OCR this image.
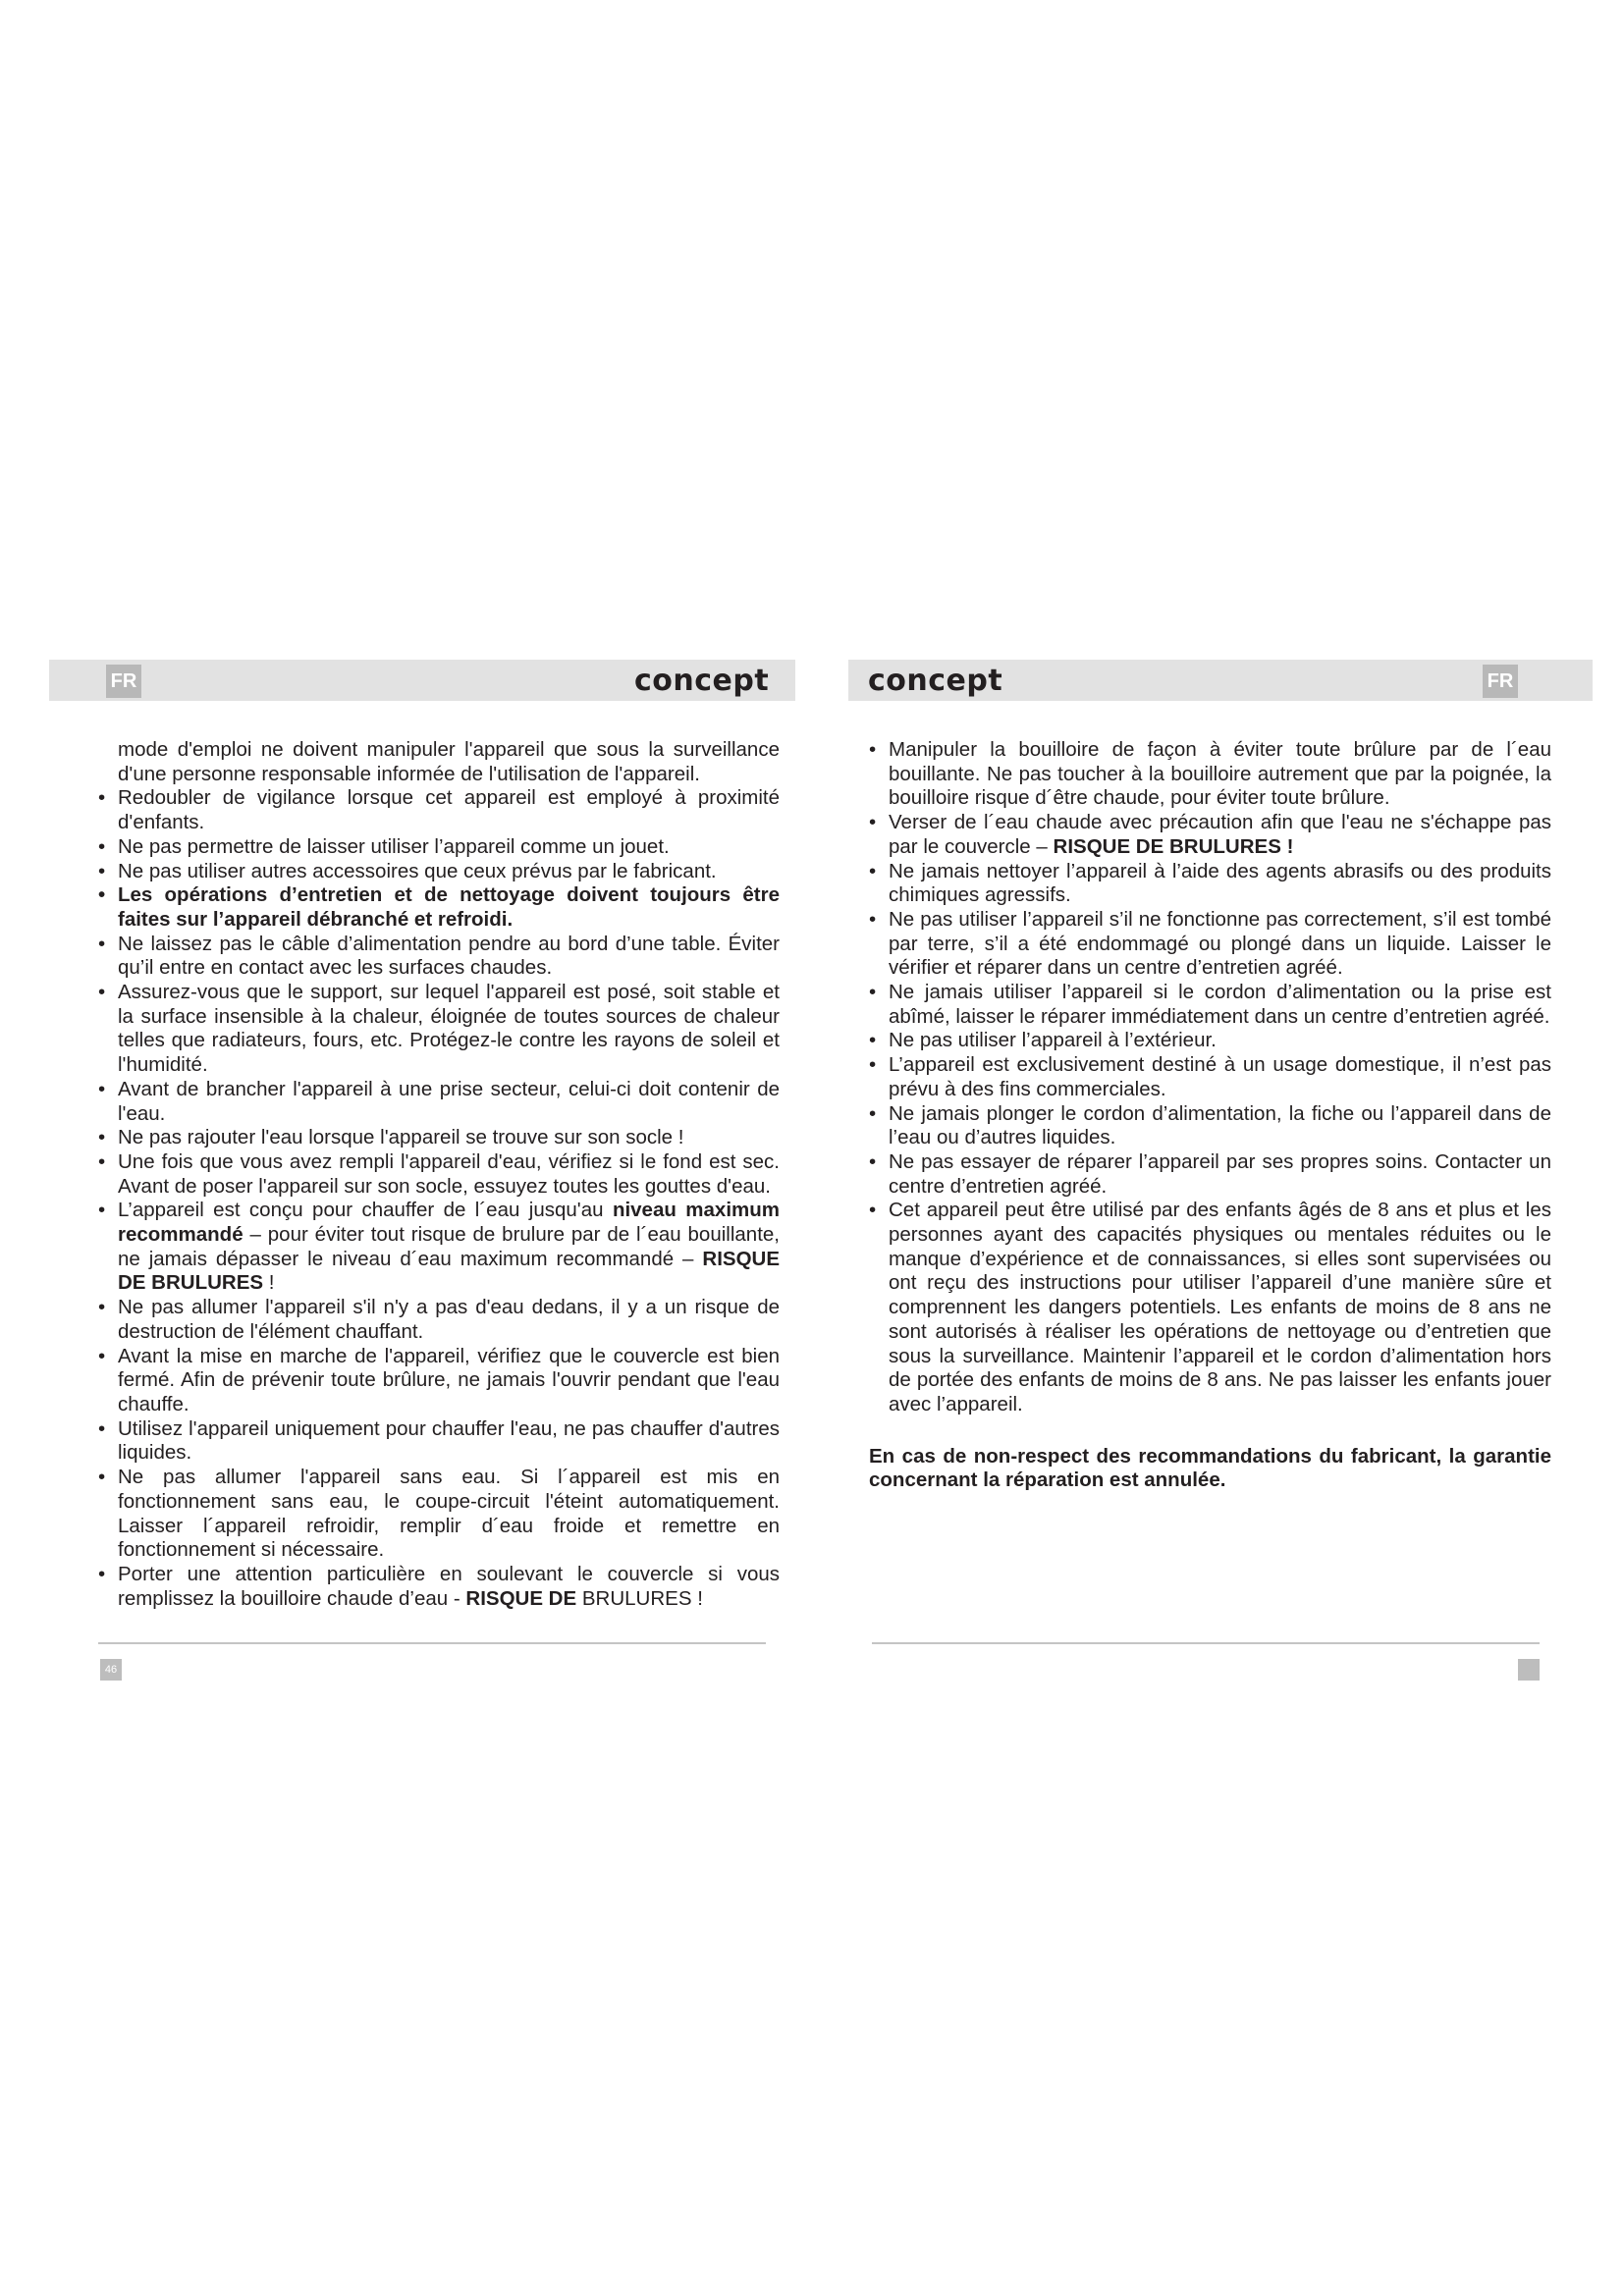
FR	FR
concept	concept

mode d'emploi ne doivent manipuler l'appareil que sous la surveillance d'une personne responsable informée de l'utilisation de l'appareil.

• Redoubler de vigilance lorsque cet appareil est employé à proximité d'enfants.
• Ne pas permettre de laisser utiliser l’appareil comme un jouet.
• Ne pas utiliser autres accessoires que ceux prévus par le fabricant.
• Les opérations d’entretien et de nettoyage doivent toujours être faites sur l’appareil débranché et refroidi.
• Ne laissez pas le câble d’alimentation pendre au bord d’une table. Éviter qu’il entre en contact avec les surfaces chaudes.
• Assurez-vous que le support, sur lequel l'appareil est posé, soit stable et la surface insensible à la chaleur, éloignée de toutes sources de chaleur telles que radiateurs, fours, etc. Protégez-le contre les rayons de soleil et l'humidité.
• Avant de brancher l'appareil à une prise secteur, celui-ci doit contenir de l'eau.
• Ne pas rajouter l'eau lorsque l'appareil se trouve sur son socle !
• Une fois que vous avez rempli l'appareil d'eau, vérifiez si le fond est sec. Avant de poser l'appareil sur son socle, essuyez toutes les gouttes d'eau.
• L’appareil est conçu pour chauffer de l´eau jusqu'au niveau maximum recommandé – pour éviter tout risque de brulure par de l´eau bouillante, ne jamais dépasser le niveau d´eau maximum recommandé – RISQUE DE BRULURES !
• Ne pas allumer l'appareil s'il n'y a pas d'eau dedans, il y a un risque de destruction de l'élément chauffant.
• Avant la mise en marche de l'appareil, vérifiez que le couvercle est bien fermé. Afin de prévenir toute brûlure, ne jamais l'ouvrir pendant que l'eau chauffe.
• Utilisez l'appareil uniquement pour chauffer l'eau, ne pas chauffer d'autres liquides.
• Ne pas allumer l'appareil sans eau. Si l´appareil est mis en fonctionnement sans eau, le coupe-circuit l'éteint automatiquement. Laisser l´appareil refroidir, remplir d´eau froide et remettre en fonctionnement si nécessaire.
• Porter une attention particulière en soulevant le couvercle si vous remplissez la bouilloire chaude d’eau - RISQUE DE BRULURES !
• Manipuler la bouilloire de façon à éviter toute brûlure par de l´eau bouillante. Ne pas toucher à la bouilloire autrement que par la poignée, la bouilloire risque d´être chaude, pour éviter toute brûlure.
• Verser de l´eau chaude avec précaution afin que l'eau ne s'échappe pas par le couvercle – RISQUE DE BRULURES !
• Ne jamais nettoyer l’appareil à l’aide des agents abrasifs ou des produits chimiques agressifs.
• Ne pas utiliser l’appareil s’il ne fonctionne pas correctement, s’il est tombé par terre, s’il a été endommagé ou plongé dans un liquide. Laisser le vérifier et réparer dans un centre d’entretien agréé.
• Ne jamais utiliser l’appareil si le cordon d’alimentation ou la prise est abîmé, laisser le réparer immédiatement dans un centre d’entretien agréé.
• Ne pas utiliser l’appareil à l’extérieur.
• L’appareil est exclusivement destiné à un usage domestique, il n’est pas prévu à des fins commerciales.
• Ne jamais plonger le cordon d’alimentation, la fiche ou l’appareil dans de l’eau ou d’autres liquides.
• Ne pas essayer de réparer l’appareil par ses propres soins. Contacter un centre d’entretien agréé.
• Cet appareil peut être utilisé par des enfants âgés de 8 ans et plus et les personnes ayant des capacités physiques ou mentales réduites ou le manque d’expérience et de connaissances, si elles sont supervisées ou ont reçu des instructions pour utiliser l’appareil d’une manière sûre et comprennent les dangers potentiels. Les enfants de moins de 8 ans ne sont autorisés à réaliser les opérations de nettoyage ou d’entretien que sous la surveillance. Maintenir l’appareil et le cordon d’alimentation hors de portée des enfants de moins de 8 ans. Ne pas laisser les enfants jouer avec l’appareil.

En cas de non-respect des recommandations du fabricant, la garantie concernant la réparation est annulée.

46
